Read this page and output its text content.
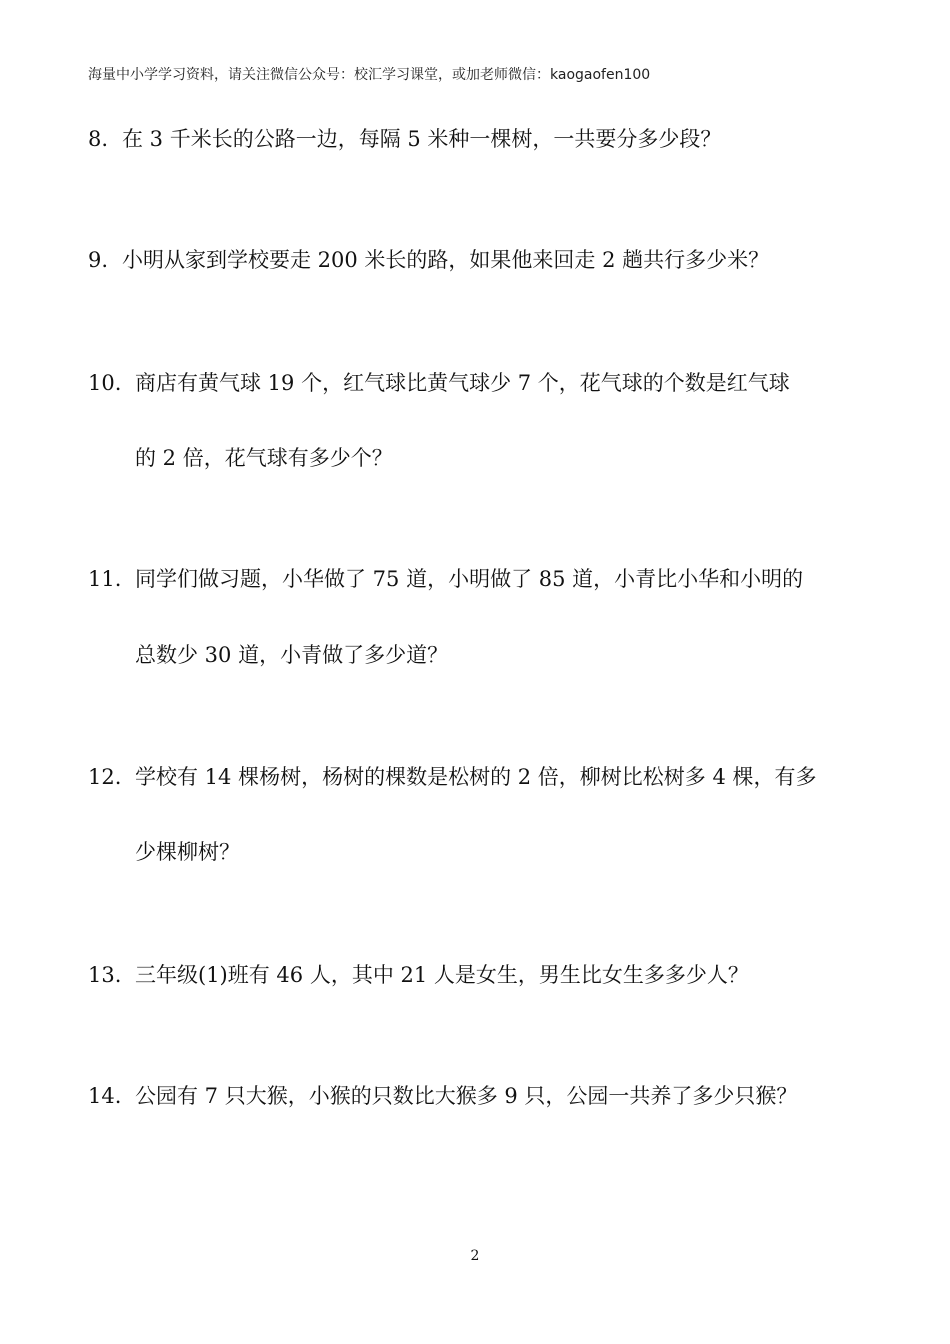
海量中小学学习资料，请关注微信公众号：校汇学习课堂，或加老师微信：kaogaofen100
8. 在 3 千米长的公路一边，每隔 5 米种一棵树，一共要分多少段？
9. 小明从家到学校要走 200 米长的路，如果他来回走 2 趟共行多少米？
10. 商店有黄气球 19 个，红气球比黄气球少 7 个，花气球的个数是红气球
的 2 倍，花气球有多少个？
11. 同学们做习题，小华做了 75 道，小明做了 85 道，小青比小华和小明的
总数少 30 道，小青做了多少道？
12. 学校有 14 棵杨树，杨树的棵数是松树的 2 倍，柳树比松树多 4 棵，有多
少棵柳树？
13. 三年级(1)班有 46 人，其中 21 人是女生，男生比女生多多少人？
14. 公园有 7 只大猴，小猴的只数比大猴多 9 只，公园一共养了多少只猴？
2
